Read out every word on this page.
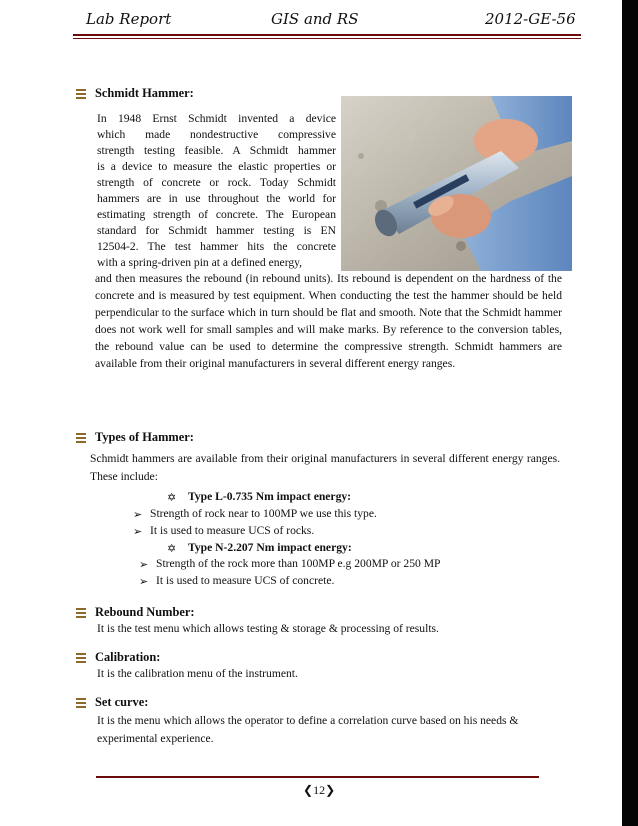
Lab Report	GIS and RS	2012-GE-56
Schmidt Hammer:
In 1948 Ernst Schmidt invented a device
which made nondestructive compressive
strength testing feasible. A Schmidt hammer
is a device to measure the elastic properties or
strength of concrete or rock. Today Schmidt
hammers are in use throughout the world for
estimating strength of concrete. The European
standard for Schmidt hammer testing is EN
12504-2. The test hammer hits the concrete
with a spring-driven pin at a defined energy,

and then measures the rebound (in rebound units). Its rebound is dependent on the hardness of the concrete and is measured by test equipment. When conducting the test the hammer should be held perpendicular to the surface which in turn should be flat and smooth. Note that the Schmidt hammer does not work well for small samples and will make marks. By reference to the conversion tables, the rebound value can be used to determine the compressive strength. Schmidt hammers are available from their original manufacturers in several different energy ranges.

Types of Hammer:

Schmidt hammers are available from their original manufacturers in several different energy ranges. These include:

✡ Type L-0.735 Nm impact energy:
➢ Strength of rock near to 100MP we use this type.
➢ It is used to measure UCS of rocks.
✡ Type N-2.207 Nm impact energy:
➢ Strength of the rock more than 100MP e.g 200MP or 250 MP
➢ It is used to measure UCS of concrete.
Rebound Number:
It is the test menu which allows testing & storage & processing of results.
Calibration:
It is the calibration menu of the instrument.
Set curve:

It is the menu which allows the operator to define a correlation curve based on his needs & experimental experience.

❮12❯
